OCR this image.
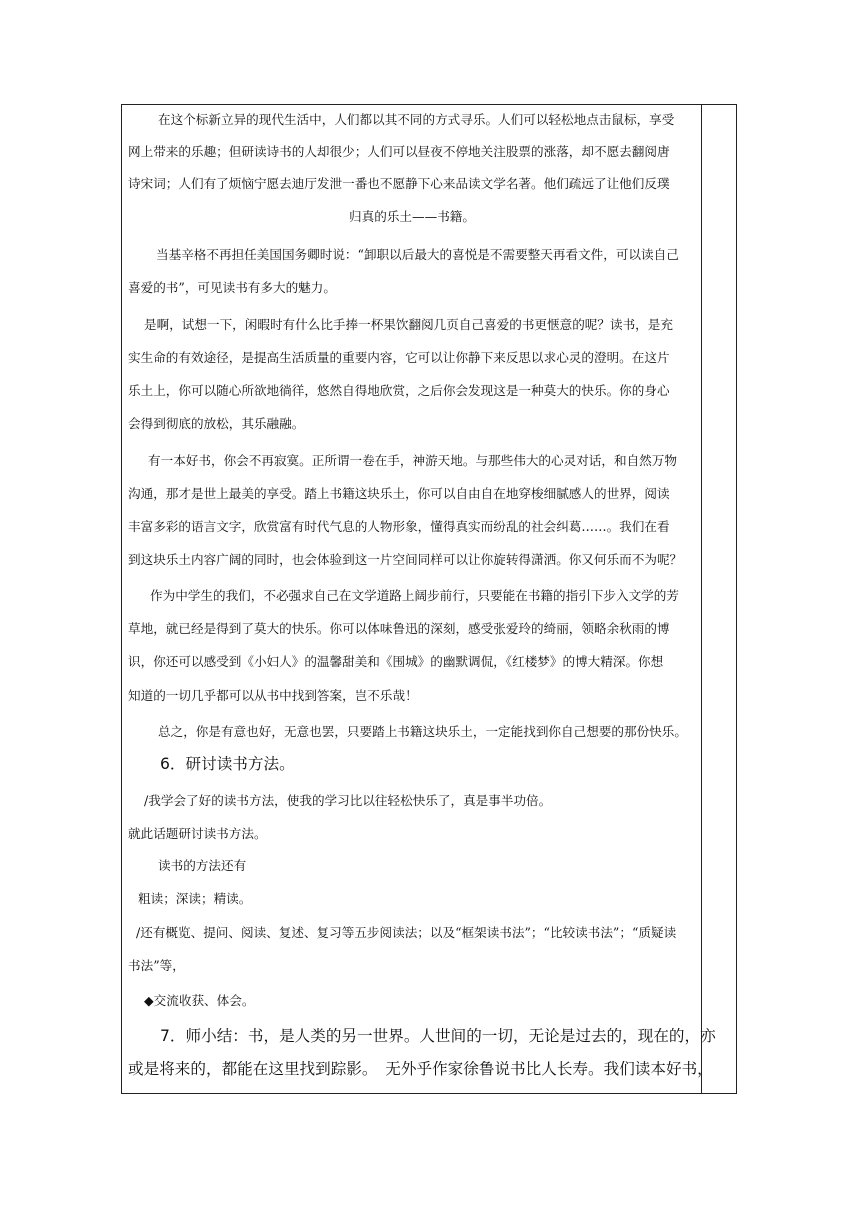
在这个标新立异的现代生活中，人们都以其不同的方式寻乐。人们可以轻松地点击鼠标，享受
网上带来的乐趣；但研读诗书的人却很少；人们可以昼夜不停地关注股票的涨落，却不愿去翻阅唐
诗宋词；人们有了烦恼宁愿去迪厅发泄一番也不愿静下心来品读文学名著。他们疏远了让他们反璞
归真的乐土——书籍。
当基辛格不再担任美国国务卿时说：“卸职以后最大的喜悦是不需要整天再看文件，可以读自己
喜爱的书”，可见读书有多大的魅力。
是啊，试想一下，闲暇时有什么比手捧一杯果饮翻阅几页自己喜爱的书更惬意的呢？读书，是充
实生命的有效途径，是提高生活质量的重要内容，它可以让你静下来反思以求心灵的澄明。在这片
乐土上，你可以随心所欲地徜徉，悠然自得地欣赏，之后你会发现这是一种莫大的快乐。你的身心
会得到彻底的放松，其乐融融。
有一本好书，你会不再寂寞。正所谓一卷在手，神游天地。与那些伟大的心灵对话，和自然万物
沟通，那才是世上最美的享受。踏上书籍这块乐土，你可以自由自在地穿梭细腻感人的世界，阅读
丰富多彩的语言文字，欣赏富有时代气息的人物形象，懂得真实而纷乱的社会纠葛……。我们在看
到这块乐土内容广阔的同时，也会体验到这一片空间同样可以让你旋转得潇洒。你又何乐而不为呢？
作为中学生的我们，不必强求自己在文学道路上阔步前行，只要能在书籍的指引下步入文学的芳
草地，就已经是得到了莫大的快乐。你可以体味鲁迅的深刻，感受张爱玲的绮丽，领略余秋雨的博
识，你还可以感受到《小妇人》的温馨甜美和《围城》的幽默调侃，《红楼梦》的博大精深。你想
知道的一切几乎都可以从书中找到答案，岂不乐哉！
总之，你是有意也好，无意也罢，只要踏上书籍这块乐土，一定能找到你自己想要的那份快乐。
6．研讨读书方法。
/我学会了好的读书方法，使我的学习比以往轻松快乐了，真是事半功倍。
就此话题研讨读书方法。
读书的方法还有
粗读；深读；精读。
/还有概览、提问、阅读、复述、复习等五步阅读法；以及“框架读书法”；“比较读书法”；“质疑读
书法”等，
◆交流收获、体会。
7．师小结：书，是人类的另一世界。人世间的一切，无论是过去的，现在的，亦
或是将来的，都能在这里找到踪影。　无外乎作家徐鲁说书比人长寿。我们读本好书，
